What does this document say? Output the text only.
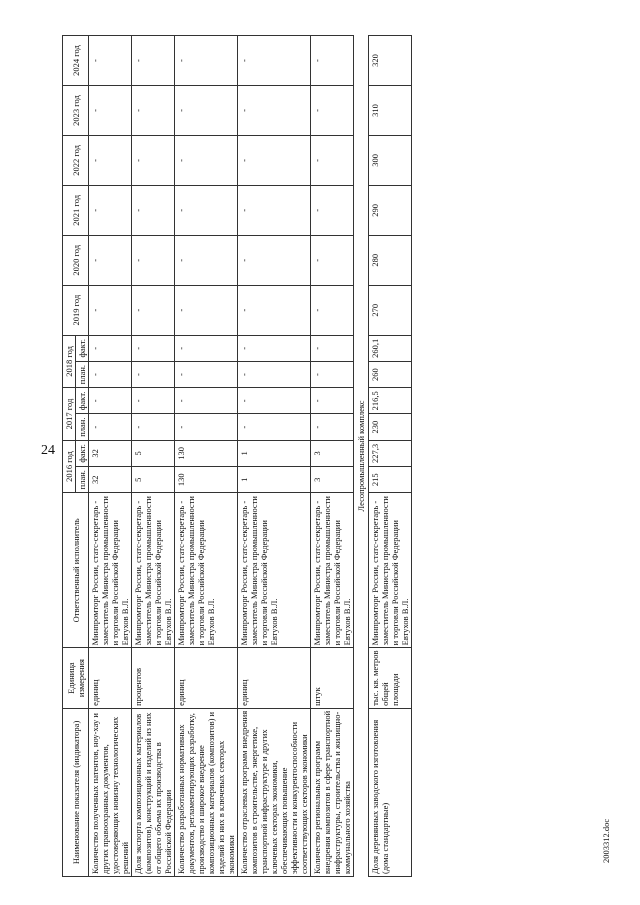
24
2003312.doc
Наименование показателя (индикатора)	Единица измерения	Ответственный исполнитель	2016 год		2017 год		2018 год		2019 год	2020 год	2021 год	2022 год	2023 год	2024 год
			план.	факт.	план.	факт.	план.	факт.						
Количество полученных патентов, ноу-хау и других правоохранных документов, удостоверяющих новизну технологических решений	единиц	Минпромторг России, статс-секретарь - заместитель Министра промышленности и торговли Российской Федерации Евтухов В.Л.	32	32	-	-	-	-	-	-	-	-	-	-
Доля экспорта композиционных материалов (композитов), конструкций и изделий из них от общего объема их производства в Российской Федерации	процентов	Минпромторг России, статс-секретарь - заместитель Министра промышленности и торговли Российской Федерации Евтухов В.Л.	5	5	-	-	-	-	-	-	-	-	-	-
Количество разработанных нормативных документов, регламентирующих разработку, производство и широкое внедрение композиционных материалов (композитов) и изделий из них в ключевых секторах экономики	единиц	Минпромторг России, статс-секретарь - заместитель Министра промышленности и торговли Российской Федерации Евтухов В.Л.	130	130	-	-	-	-	-	-	-	-	-	-
Количество отраслевых программ внедрения композитов в строительстве, энергетике, транспортной инфраструктуре и других ключевых секторах экономики, обеспечивающих повышение эффективности и конкурентоспособности соответствующих секторов экономики	единиц	Минпромторг России, статс-секретарь - заместитель Министра промышленности и торговли Российской Федерации Евтухов В.Л.	1	1	-	-	-	-	-	-	-	-	-	-
Количество региональных программ внедрения композитов в сфере транспортной инфраструктуры, строительства и жилищно-коммунального хозяйства	штук	Минпромторг России, статс-секретарь - заместитель Министра промышленности и торговли Российской Федерации Евтухов В.Л.	3	3	-	-	-	-	-	-	-	-	-	-
Лесопромышленный комплекс														
Доля деревянных заводского изготовления (дома стандартные)	тыс. кв. метров общей площади	Минпромторг России, статс-секретарь - заместитель Министра промышленности и торговли Российской Федерации Евтухов В.Л.	215	227,3	230	216,5	260	260,1	270	280	290	300	310	320
